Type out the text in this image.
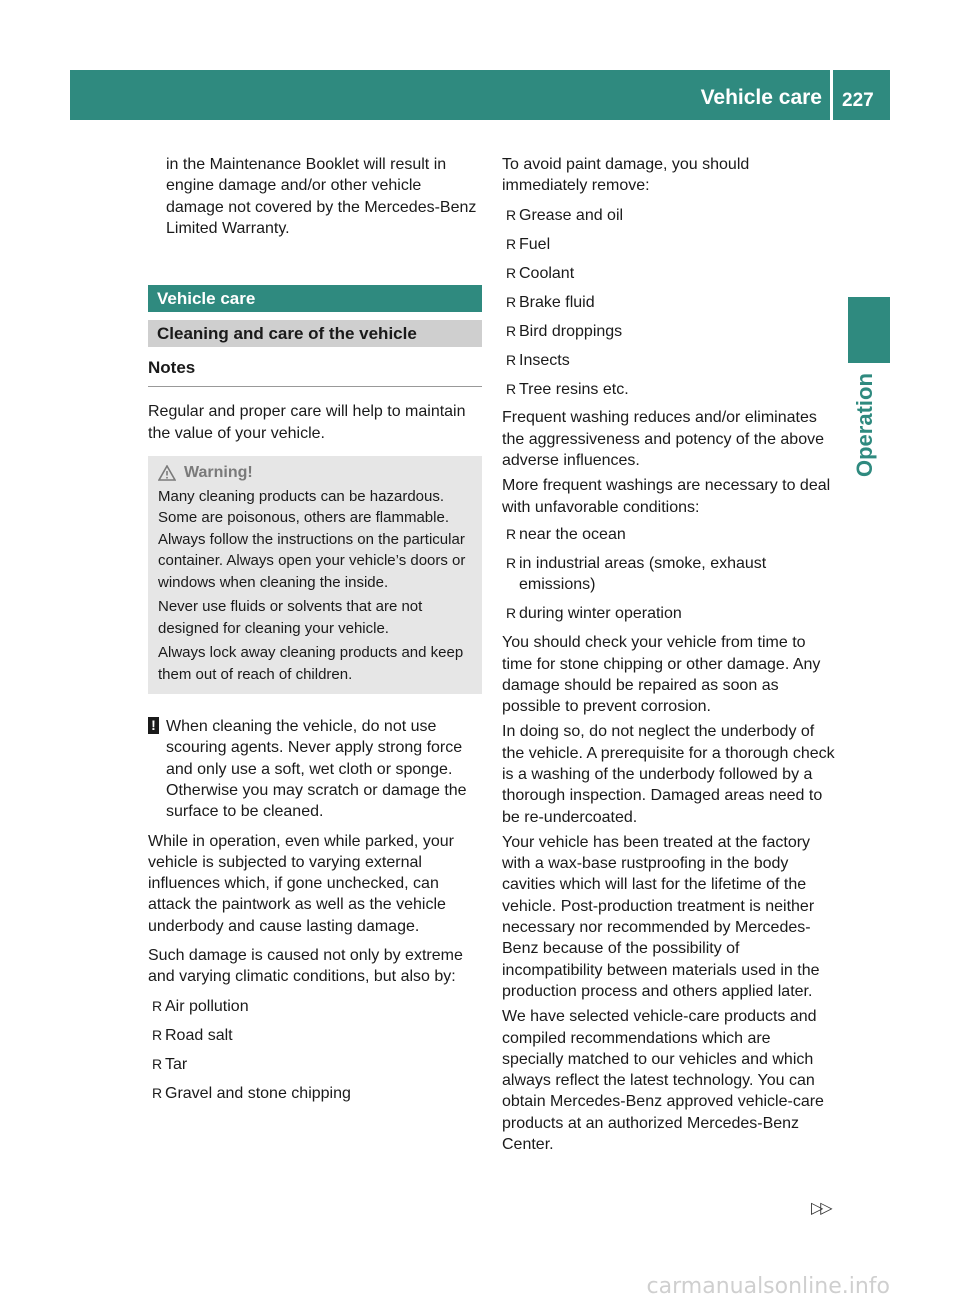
Vehicle care 227
Operation

in the Maintenance Booklet will result in engine damage and/or other vehicle damage not covered by the Mercedes-Benz Limited Warranty.

Vehicle care
Cleaning and care of the vehicle
Notes

Regular and proper care will help to maintain the value of your vehicle.

Warning!

Many cleaning products can be hazardous. Some are poisonous, others are flammable. Always follow the instructions on the particular container. Always open your vehicle’s doors or windows when cleaning the inside.

Never use fluids or solvents that are not designed for cleaning your vehicle.

Always lock away cleaning products and keep them out of reach of children.

! When cleaning the vehicle, do not use scouring agents. Never apply strong force and only use a soft, wet cloth or sponge. Otherwise you may scratch or damage the surface to be cleaned.

While in operation, even while parked, your vehicle is subjected to varying external influences which, if gone unchecked, can attack the paintwork as well as the vehicle underbody and cause lasting damage.

Such damage is caused not only by extreme and varying climatic conditions, but also by:

R Air pollution
R Road salt
R Tar
R Gravel and stone chipping

To avoid paint damage, you should immediately remove:

R Grease and oil
R Fuel
R Coolant
R Brake fluid
R Bird droppings
R Insects
R Tree resins etc.

Frequent washing reduces and/or eliminates the aggressiveness and potency of the above adverse influences.

More frequent washings are necessary to deal with unfavorable conditions:

R near the ocean
R in industrial areas (smoke, exhaust emissions)
R during winter operation

You should check your vehicle from time to time for stone chipping or other damage. Any damage should be repaired as soon as possible to prevent corrosion.

In doing so, do not neglect the underbody of the vehicle. A prerequisite for a thorough check is a washing of the underbody followed by a thorough inspection. Damaged areas need to be re-undercoated.

Your vehicle has been treated at the factory with a wax-base rustproofing in the body cavities which will last for the lifetime of the vehicle. Post-production treatment is neither necessary nor recommended by Mercedes-Benz because of the possibility of incompatibility between materials used in the production process and others applied later.

We have selected vehicle-care products and compiled recommendations which are specially matched to our vehicles and which always reflect the latest technology. You can obtain Mercedes-Benz approved vehicle-care products at an authorized Mercedes-Benz Center.

▷▷
carmanualsonline.info
